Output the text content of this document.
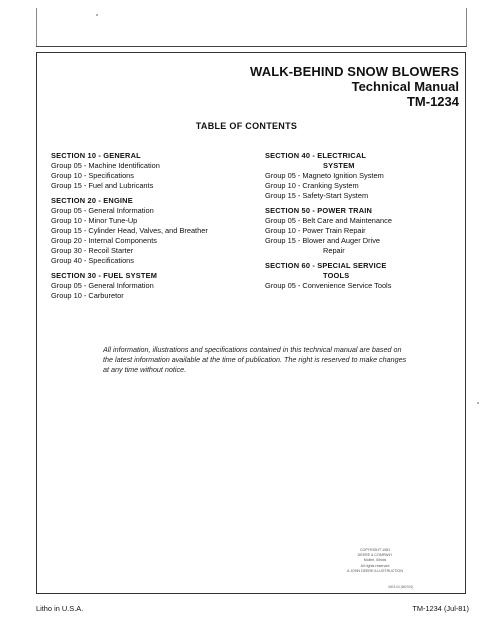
WALK-BEHIND SNOW BLOWERS
Technical Manual
TM-1234
TABLE OF CONTENTS
SECTION 10 - GENERAL
Group 05 - Machine Identification
Group 10 - Specifications
Group 15 - Fuel and Lubricants
SECTION 20 - ENGINE
Group 05 - General Information
Group 10 - Minor Tune-Up
Group 15 - Cylinder Head, Valves, and Breather
Group 20 - Internal Components
Group 30 - Recoil Starter
Group 40 - Specifications
SECTION 30 - FUEL SYSTEM
Group 05 - General Information
Group 10 - Carburetor
SECTION 40 - ELECTRICAL
SYSTEM
Group 05 - Magneto Ignition System
Group 10 - Cranking System
Group 15 - Safety-Start System
SECTION 50 - POWER TRAIN
Group 05 - Belt Care and Maintenance
Group 10 - Power Train Repair
Group 15 - Blower and Auger Drive
Repair
SECTION 60 - SPECIAL SERVICE
TOOLS
Group 05 - Convenience Service Tools
All information, illustrations and specifications contained in this technical manual are based on the latest information available at the time of publication. The right is reserved to make changes at any time without notice.
COPYRIGHT 1981
DEERE & COMPANY
Moline, Illinois
All rights reserved
A JOHN DEERE ILLUSTRUCTION
4003-04 (Mt2001)
Litho in U.S.A.	TM-1234 (Jul-81)
